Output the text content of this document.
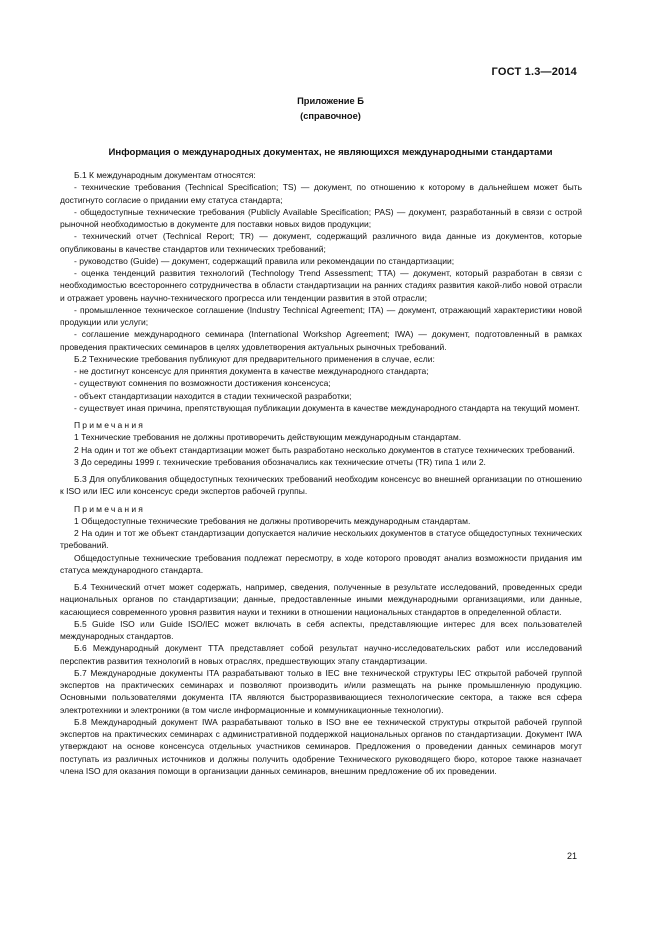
ГОСТ 1.3—2014
Приложение Б
(справочное)
Информация о международных документах, не являющихся международными стандартами

Б.1 К международным документам относятся:

- технические требования (Technical Specification; TS) — документ, по отношению к которому в дальнейшем может быть достигнуто согласие о придании ему статуса стандарта;

- общедоступные технические требования (Publicly Available Specification; PAS) — документ, разработанный в связи с острой рыночной необходимостью в документе для поставки новых видов продукции;

- технический отчет (Technical Report; TR) — документ, содержащий различного вида данные из документов, которые опубликованы в качестве стандартов или технических требований;

- руководство (Guide) — документ, содержащий правила или рекомендации по стандартизации;

- оценка тенденций развития технологий (Technology Trend Assessment; TTA) — документ, который разработан в связи с необходимостью всестороннего сотрудничества в области стандартизации на ранних стадиях развития какой-либо новой отрасли и отражает уровень научно-технического прогресса или тенденции развития в этой отрасли;

- промышленное техническое соглашение (Industry Technical Agreement; ITA) — документ, отражающий характеристики новой продукции или услуги;

- соглашение международного семинара (International Workshop Agreement; IWA) — документ, подготовленный в рамках проведения практических семинаров в целях удовлетворения актуальных рыночных требований.

Б.2 Технические требования публикуют для предварительного применения в случае, если:

- не достигнут консенсус для принятия документа в качестве международного стандарта;

- существуют сомнения по возможности достижения консенсуса;

- объект стандартизации находится в стадии технической разработки;

- существует иная причина, препятствующая публикации документа в качестве международного стандарта на текущий момент.

Примечания

1 Технические требования не должны противоречить действующим международным стандартам.

2 На один и тот же объект стандартизации может быть разработано несколько документов в статусе технических требований.

3 До середины 1999 г. технические требования обозначались как технические отчеты (TR) типа 1 или 2.

Б.3 Для опубликования общедоступных технических требований необходим консенсус во внешней организации по отношению к ISO или IEC или консенсус среди экспертов рабочей группы.

Примечания

1 Общедоступные технические требования не должны противоречить международным стандартам.

2 На один и тот же объект стандартизации допускается наличие нескольких документов в статусе общедоступных технических требований.

Общедоступные технические требования подлежат пересмотру, в ходе которого проводят анализ возможности придания им статуса международного стандарта.

Б.4 Технический отчет может содержать, например, сведения, полученные в результате исследований, проведенных среди национальных органов по стандартизации; данные, предоставленные иными международными организациями, или данные, касающиеся современного уровня развития науки и техники в отношении национальных стандартов в определенной области.

Б.5 Guide ISO или Guide ISO/IEC может включать в себя аспекты, представляющие интерес для всех пользователей международных стандартов.

Б.6 Международный документ ТТА представляет собой результат научно-исследовательских работ или исследований перспектив развития технологий в новых отраслях, предшествующих этапу стандартизации.

Б.7 Международные документы ITA разрабатывают только в IEC вне технической структуры IEC открытой рабочей группой экспертов на практических семинарах и позволяют производить и/или размещать на рынке промышленную продукцию. Основными пользователями документа ITA являются быстроразвивающиеся технологические сектора, а также вся сфера электротехники и электроники (в том числе информационные и коммуникационные технологии).

Б.8 Международный документ IWA разрабатывают только в ISO вне ее технической структуры открытой рабочей группой экспертов на практических семинарах с административной поддержкой национальных органов по стандартизации. Документ IWA утверждают на основе консенсуса отдельных участников семинаров. Предложения о проведении данных семинаров могут поступать из различных источников и должны получить одобрение Технического руководящего бюро, которое также назначает члена ISO для оказания помощи в организации данных семинаров, внешним предложение об их проведении.

21
